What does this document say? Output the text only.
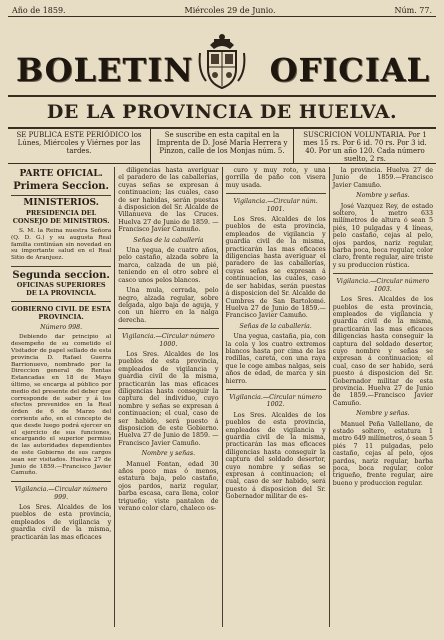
Año de 1859.	Miércoles 29 de Junio.	Núm. 77.
BOLETIN OFICIAL
DE LA PROVINCIA DE HUELVA.
SE PUBLICA ESTE PERIÓDICO los Lúnes, Miércoles y Viérnes por las tardes.
Se suscribe en esta capital en la Imprenta de D. José María Herrera y Pinzon, calle de los Monjas núm. 5.
SUSCRICION VOLUNTARIA. Por 1 mes 15 rs. Por 6 id. 70 rs. Por 3 id. 40. Por un año 120. Cada número suelto, 2 rs.
PARTE OFICIAL.
Primera Seccion.
MINISTERIOS.
PRESIDENCIA DEL CONSEJO DE MINISTROS.

S. M. la Reina nuestra Señora (Q. D. G.) y su augusta Real familia continúan sin novedad en su importante salud en el Real Sitio de Aranjuez.

Segunda seccion.
OFICINAS SUPERIORES DE LA PROVINCIA.
GOBIERNO CIVIL DE ESTA PROVINCIA.
Número 998.

Debiendo dar principio al desempeño de su cometido el Visitador de papel sellado de esta provincia D. Rafael Guerra Barrionuevo, nombrado por la Direccion general de Rentas Estancadas en 18 de Mayo último, se encarga al público por medio del presente del deber que corresponde de saber y á los efectos prevenidos en la Real órden de 6 de Marzo del corriente año, en el concepto de que desde luego podrá ejercer en el ejercicio de sus funciones, encargando el superior permiso de las autoridades dependientes de este Gobierno de sus cargos sean ser visitados. Huelva 27 de Junio de 1859.—Francisco Javier Camuño.

Vigilancia.—Circular número 999.

Los Sres. Alcaldes de los pueblos de esta provincia, empleados de vigilancia y guardia civil de la misma, practicarán las mas eficaces

diligencias hasta averiguar el paradero de las caballerías, cuyas señas se expresan á continuacion; las cuales, caso de ser habidas, serán puestas á disposicion del Sr. Alcalde de Villanueva de las Cruces. Huelva 27 de Junio de 1859. —Francisco Javier Camuño.

Señas de la caballería

Una yegua, de cuatro años, pelo castaño, alzada sobre la marca, calzada de un pié, teniendo en el otro sobre el casco unos pelos blancos.

Una mula, cerrada, pelo negro, alzada regular, sobre delgada, algo baja de aguja, y con un hierro en la nalga derecha.

Vigilancia.—Circular número 1000.

Los Sres. Alcaldes de los pueblos de esta provincia, empleados de vigilancia y guardia civil de la misma, practicarán las mas eficaces diligencias hasta conseguir la captura del individuo, cuyo nombre y señas se expresan á continuacion; el cual, caso de ser habido, será puesto á disposicion de este Gobierno. Huelva 27 de Junio de 1859. —Francisco Javier Camuño.

Nombre y señas.

Manuel Fontan, edad 30 años poco mas ó menos, estatura baja, pelo castaño, ojos pardos, nariz regular, barba escasa, cara llena, color trigueño; viste pantalon de verano color claro, chaleco os-

curo y muy roto, y una gorrilla de paño con visera muy usada.

Vigilancia.—Circular núm. 1001.

Los Sres. Alcaldes de los pueblos de esta provincia, empleados de vigilancia y guardia civil de la misma, practicarán las mas eficaces diligencias hasta averiguar el paradero de las caballerías, cuyas señas se expresan á continuacion, las cuales, caso de ser habidas, serán puestas á disposicion del Sr. Alcalde de Cumbres de San Bartolomé. Huelva 27 de Junio de 1859.—Francisco Javier Camuño.

Señas de la caballería.

Una yegua, castaña, pia, con la cola y los cuatro extremos blancos hasta por cima de las rodillas, careta, con una raya que le coge ambas nalgas, seis años de edad, de marca y sin hierro.

Vigilancia.—Circular número 1002.

Los Sres. Alcaldes de los pueblos de esta provincia, empleados de vigilancia y guardia civil de la misma, practicarán las mas eficaces diligencias hasta conseguir la captura del soldado desertor, cuyo nombre y señas se expresan á continuacion; el cual, caso de ser habido, será puesto á disposicion del Sr. Gobernador militar de es-

la provincia. Huelva 27 de Junio de 1859.—Francisco Javier Camuño.

Nombre y señas.

José Vazquez Rey, de estado soltero, 1 metro 633 milímetros de altura ó sean 5 piés, 10 pulgadas y 4 líneas, pelo castaño, cejas al pelo, ojos pardos, nariz regular, barba poca, boca regular, color claro, frente regular, aire triste y su produccion rústica.

Vigilancia.—Circular número 1003.

Los Sres. Alcaldes de los pueblos de esta provincia, empleados de vigilancia y guardia civil de la misma, practicarán las mas eficaces diligencias hasta conseguir la captura del soldado desertor, cuyo nombre y señas se expresan á continuacion; el cual, caso de ser habido, será puesto á disposicion del Sr. Gobernador militar de esta provincia. Huelva 27 de Junio de 1859.—Francisco Javier Camuño.

Nombre y señas.

Manuel Peña Vallellano, de estado soltero, estatura 1 metro 649 milímetros, ó sean 5 piés 7 11 pulgadas, pelo castaño, cejas al pelo, ojos pardos, nariz regular, barba poca, boca regular, color trigueño, frente regular, aire bueno y produccion regular.
